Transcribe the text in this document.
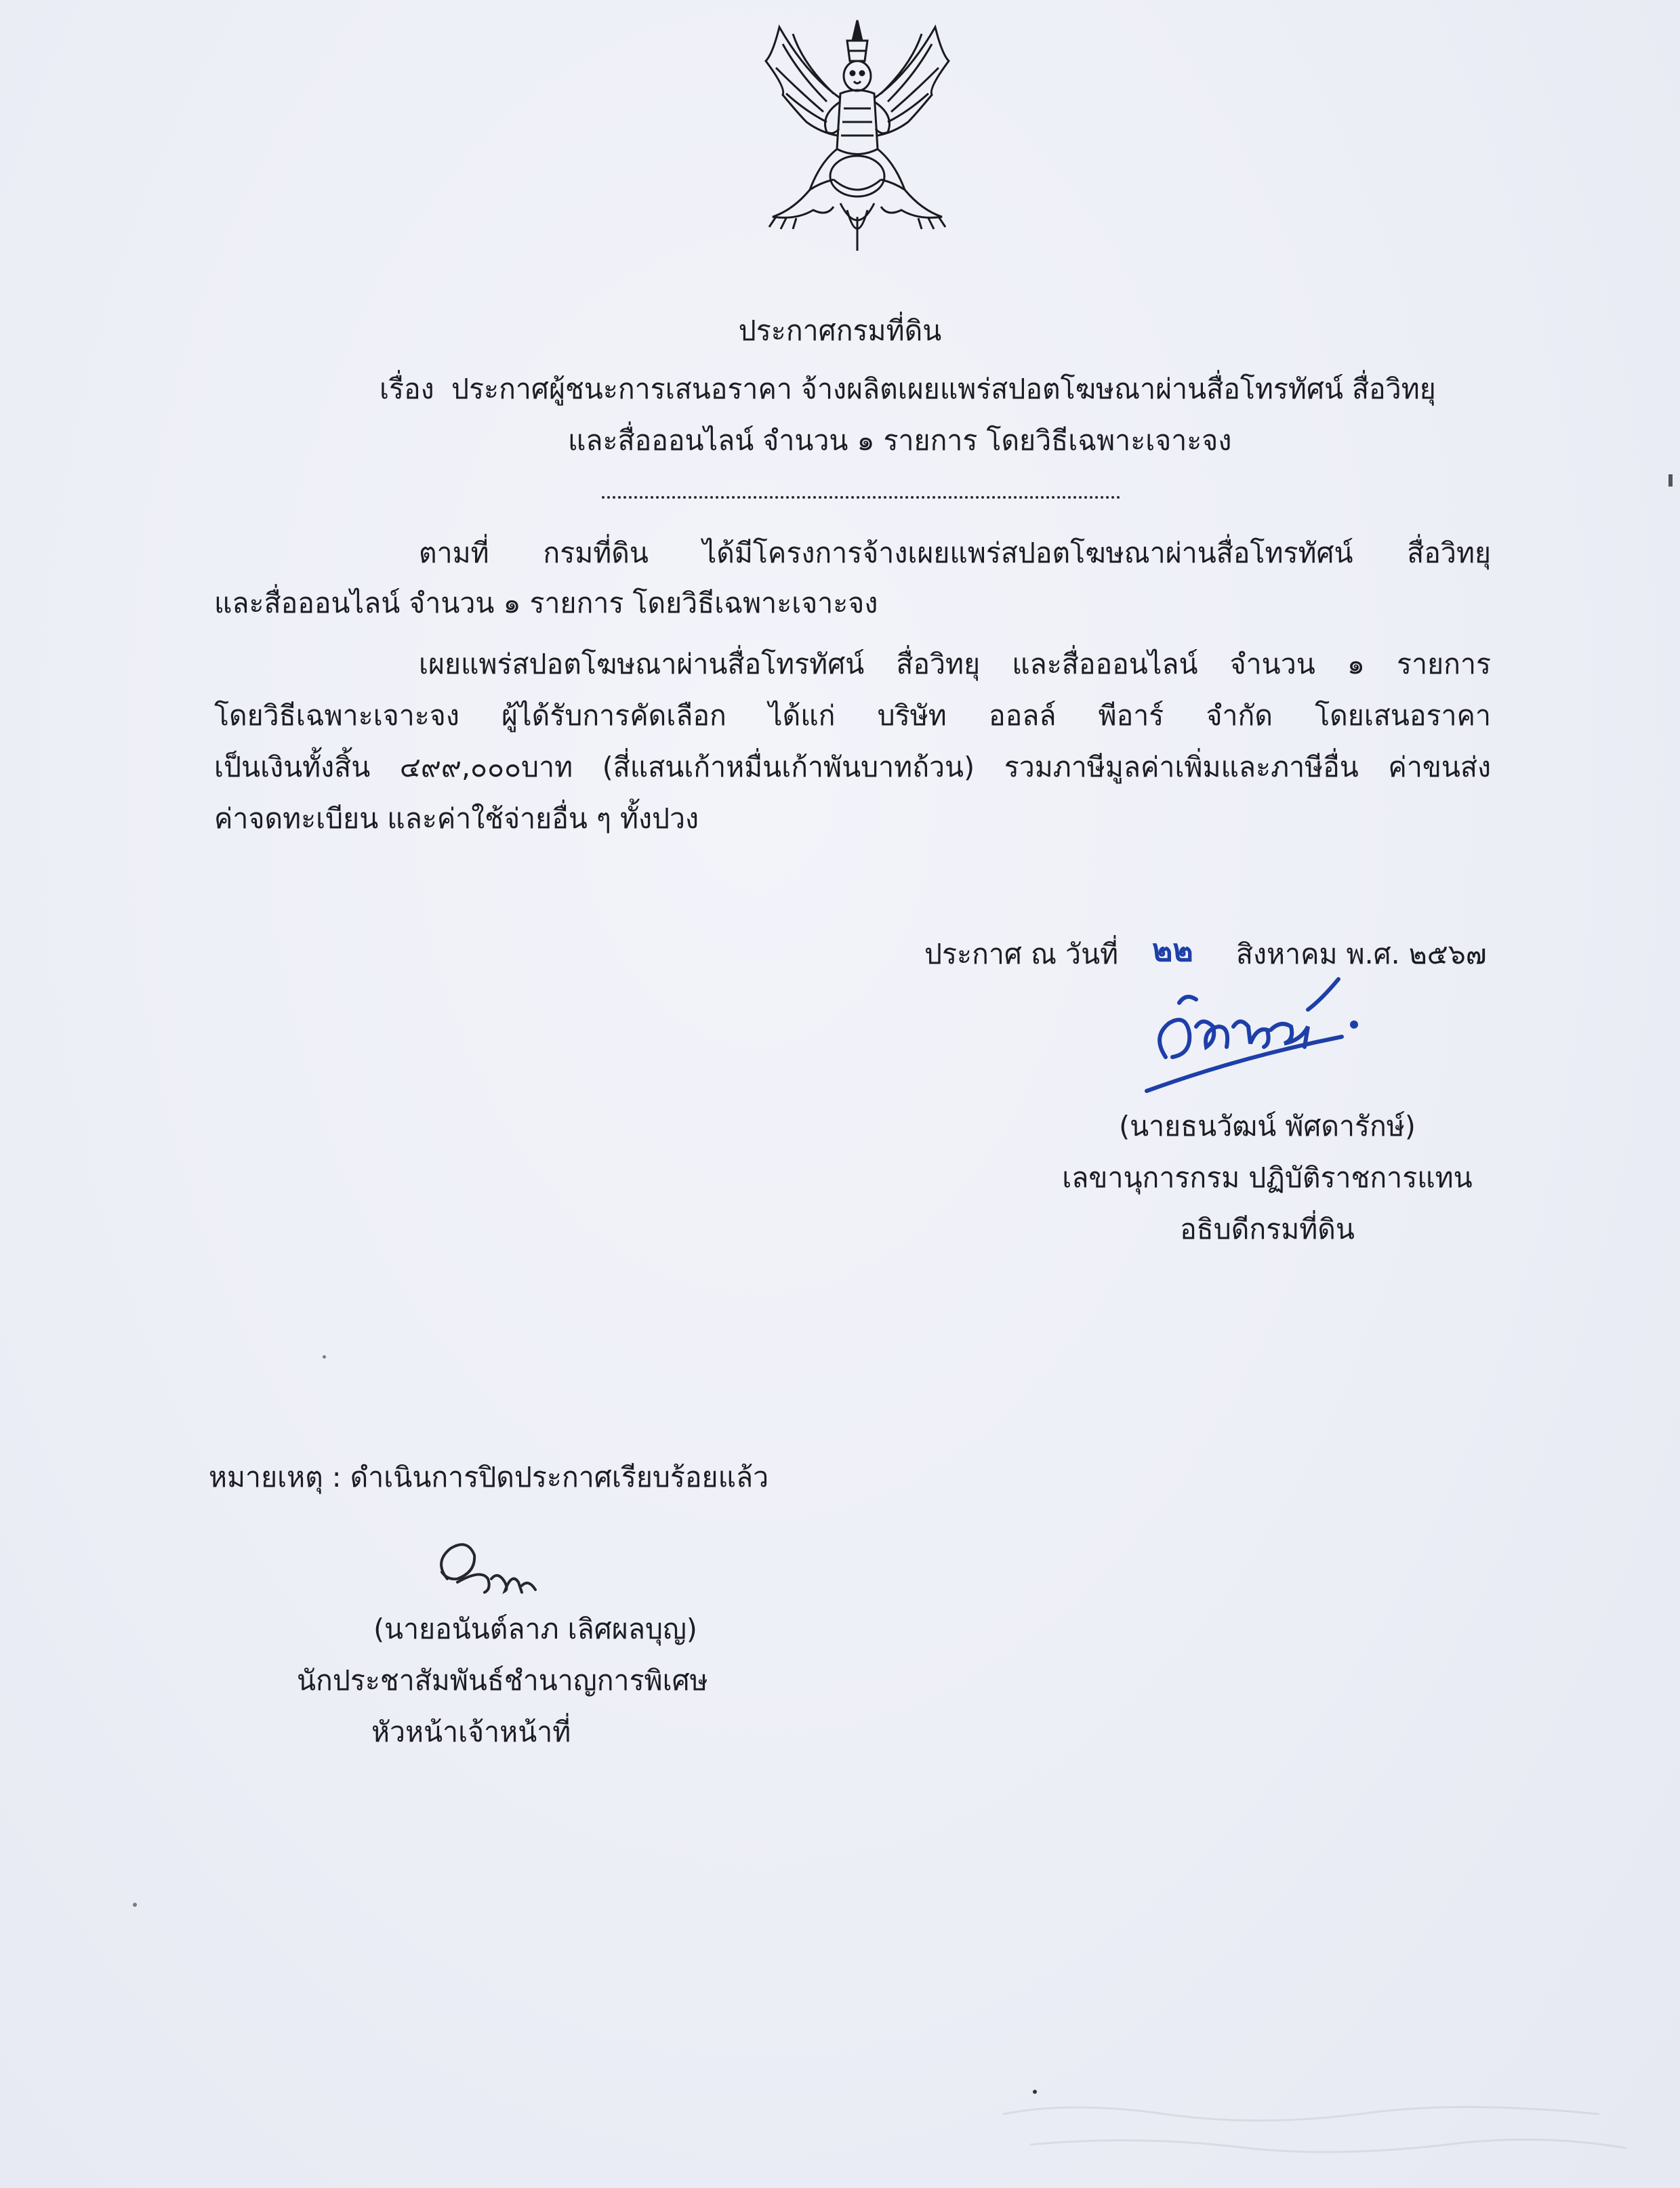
ประกาศกรมที่ดิน
เรื่อง ประกาศผู้ชนะการเสนอราคา จ้างผลิตเผยแพร่สปอตโฆษณาผ่านสื่อโทรทัศน์ สื่อวิทยุ
และสื่อออนไลน์ จำนวน ๑ รายการ โดยวิธีเฉพาะเจาะจง
ตามที่ กรมที่ดิน ได้มีโครงการจ้างเผยแพร่สปอตโฆษณาผ่านสื่อโทรทัศน์ สื่อวิทยุ
และสื่อออนไลน์ จำนวน ๑ รายการ โดยวิธีเฉพาะเจาะจง
เผยแพร่สปอตโฆษณาผ่านสื่อโทรทัศน์ สื่อวิทยุ และสื่อออนไลน์ จำนวน ๑ รายการ
โดยวิธีเฉพาะเจาะจง ผู้ได้รับการคัดเลือก ได้แก่ บริษัท ออลล์ พีอาร์ จำกัด โดยเสนอราคา
เป็นเงินทั้งสิ้น ๔๙๙,๐๐๐บาท (สี่แสนเก้าหมื่นเก้าพันบาทถ้วน) รวมภาษีมูลค่าเพิ่มและภาษีอื่น ค่าขนส่ง
ค่าจดทะเบียน และค่าใช้จ่ายอื่น ๆ ทั้งปวง
ประกาศ ณ วันที่ ๒๒ สิงหาคม พ.ศ. ๒๕๖๗
(นายธนวัฒน์ พัศดารักษ์)
เลขานุการกรม ปฏิบัติราชการแทน
อธิบดีกรมที่ดิน
หมายเหตุ : ดำเนินการปิดประกาศเรียบร้อยแล้ว
(นายอนันต์ลาภ เลิศผลบุญ)
นักประชาสัมพันธ์ชำนาญการพิเศษ
หัวหน้าเจ้าหน้าที่
